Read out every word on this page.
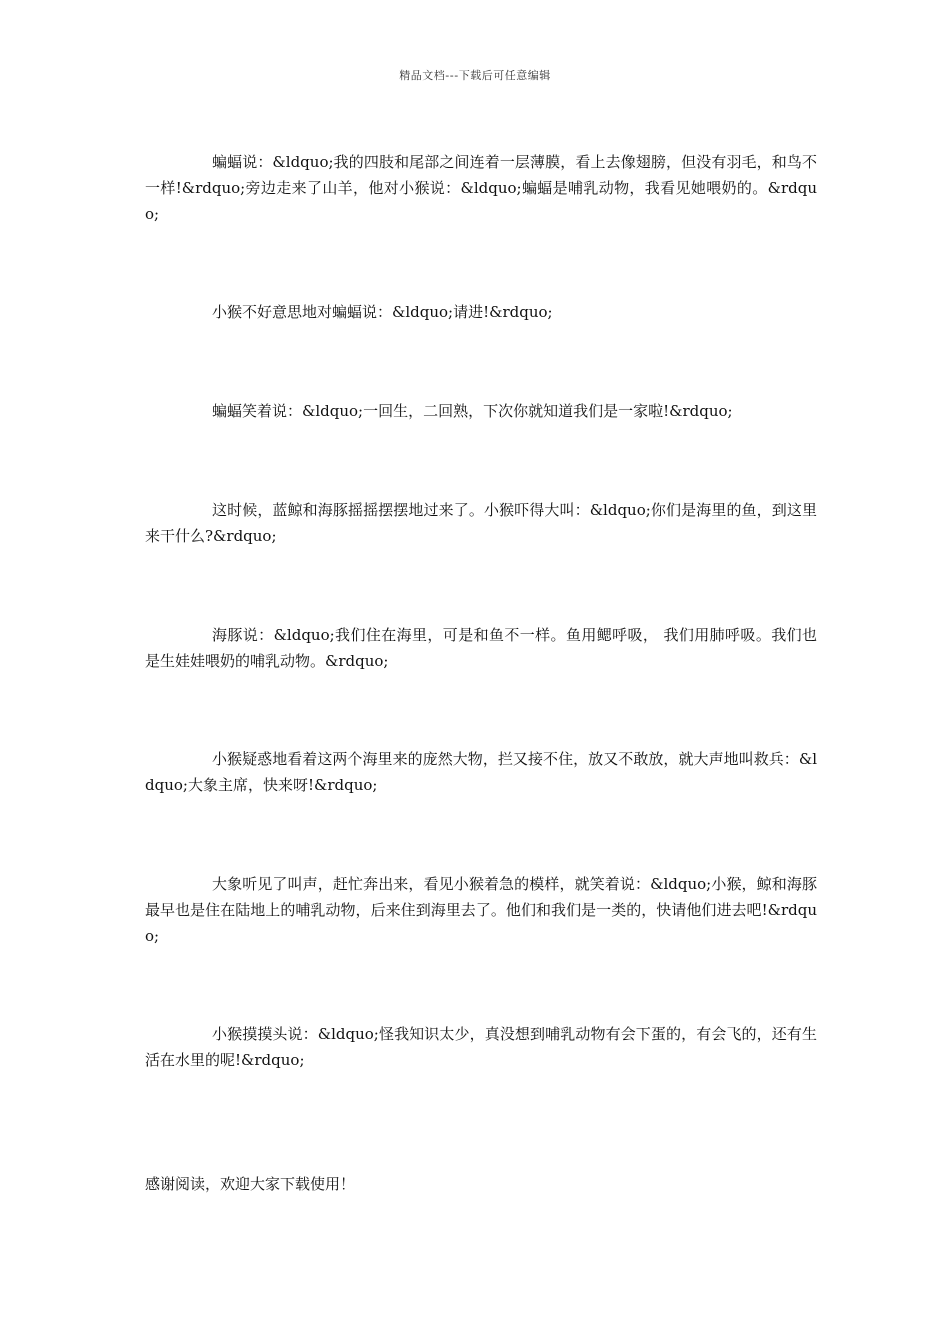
精品文档---下载后可任意编辑

蝙蝠说：&ldquo;我的四肢和尾部之间连着一层薄膜，看上去像翅膀，但没有羽毛，和鸟不一样!&rdquo;旁边走来了山羊，他对小猴说：&ldquo;蝙蝠是哺乳动物，我看见她喂奶的。&rdquo;

小猴不好意思地对蝙蝠说：&ldquo;请进!&rdquo;

蝙蝠笑着说：&ldquo;一回生，二回熟，下次你就知道我们是一家啦!&rdquo;

这时候，蓝鲸和海豚摇摇摆摆地过来了。小猴吓得大叫：&ldquo;你们是海里的鱼，到这里来干什么?&rdquo;

海豚说：&ldquo;我们住在海里，可是和鱼不一样。鱼用鳃呼吸， 我们用肺呼吸。我们也是生娃娃喂奶的哺乳动物。&rdquo;

小猴疑惑地看着这两个海里来的庞然大物，拦又接不住，放又不敢放，就大声地叫救兵：&ldquo;大象主席，快来呀!&rdquo;

大象听见了叫声，赶忙奔出来，看见小猴着急的模样，就笑着说：&ldquo;小猴，鲸和海豚最早也是住在陆地上的哺乳动物，后来住到海里去了。他们和我们是一类的，快请他们进去吧!&rdquo;

小猴摸摸头说：&ldquo;怪我知识太少，真没想到哺乳动物有会下蛋的，有会飞的，还有生活在水里的呢!&rdquo;

感谢阅读，欢迎大家下载使用！
